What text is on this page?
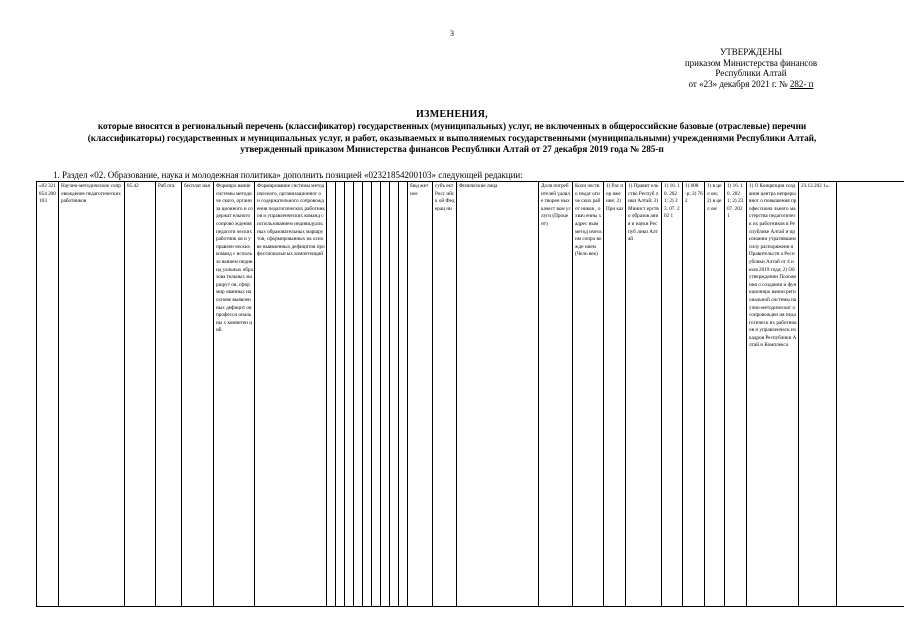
3
УТВЕРЖДЕНЫ
приказом Министерства финансов
Республики Алтай
от «23» декабря 2021 г. № 282- п
ИЗМЕНЕНИЯ,
которые вносятся в региональный перечень (классификатор) государственных (муниципальных) услуг, не включенных в общероссийские базовые (отраслевые) перечни
(классификаторы) государственных и муниципальных услуг, и работ, оказываемых и выполняемых государственными (муниципальными) учреждениями Республики Алтай,
утвержденный приказом Министерства финансов Республики Алтай от 27 декабря 2019 года № 285-п
1. Раздел «02. Образование, наука и молодежная политика» дополнить позицией «02321854200103» следующей редакции:
«02 321 854 200 103	Научно-методическое сопровождение педагогических работников	85.42	Раб ота	бесплат ная	Формиро вание системы методиче ского, организа ционного и содержат ельного сопрово ждения педагоги ческих работник ов и управлен ческих команд с использо ванием индивид уальных образова тельных маршрут ов, сформир ованных на основе выявлен ных дефицит ов професси ональны х компетен ций	Формирование системы методического, организационног о и содержательного сопровождения педагогических работников и управленческих команд с использованием индивидуальных образовательных маршрутов, сформированных на основе выявленных дефицитов профессиональн ых компетенций										бюд жет ное	субъ ект Росс ийск ой Фед ерац ии	Физические лица	Доля потреб ителей удовле творен ных качест вом услуги (Проце нт)	Коли честв о педаг огиче ских работ ников , охвач енны х адрес ным метод ическ им сопро вожде нием (Чело век)	1) Рас пор яже ние; 2) При каз	1) Правит ельство Респуб лики Алтай; 2) Минист ерство образов ания и науки Респуб лики Алтай	1) 16. 10. 202 1; 2) 23. 07. 202 1	1) 608 -р; 2) 762	1) в цел ом; 2) в цел ом	1) 16. 10. 202 1; 2) 23. 07. 202 1	1) О Концепции создания центра непрерывног о повышения профессиона льного мастерства педагогическ их работников в Республике Алтай и признании утратившим силу распоряжени я Правительств а Республики Алтай от 4 июля 2019 года; 2) Об утверждении Положения о создании и функциониро вании региональной системы научно-методическог о сопровожден ия педагогическ их работников и управленческ их кадров Республики Алтай и Комплекса	23.12.202 1».	
